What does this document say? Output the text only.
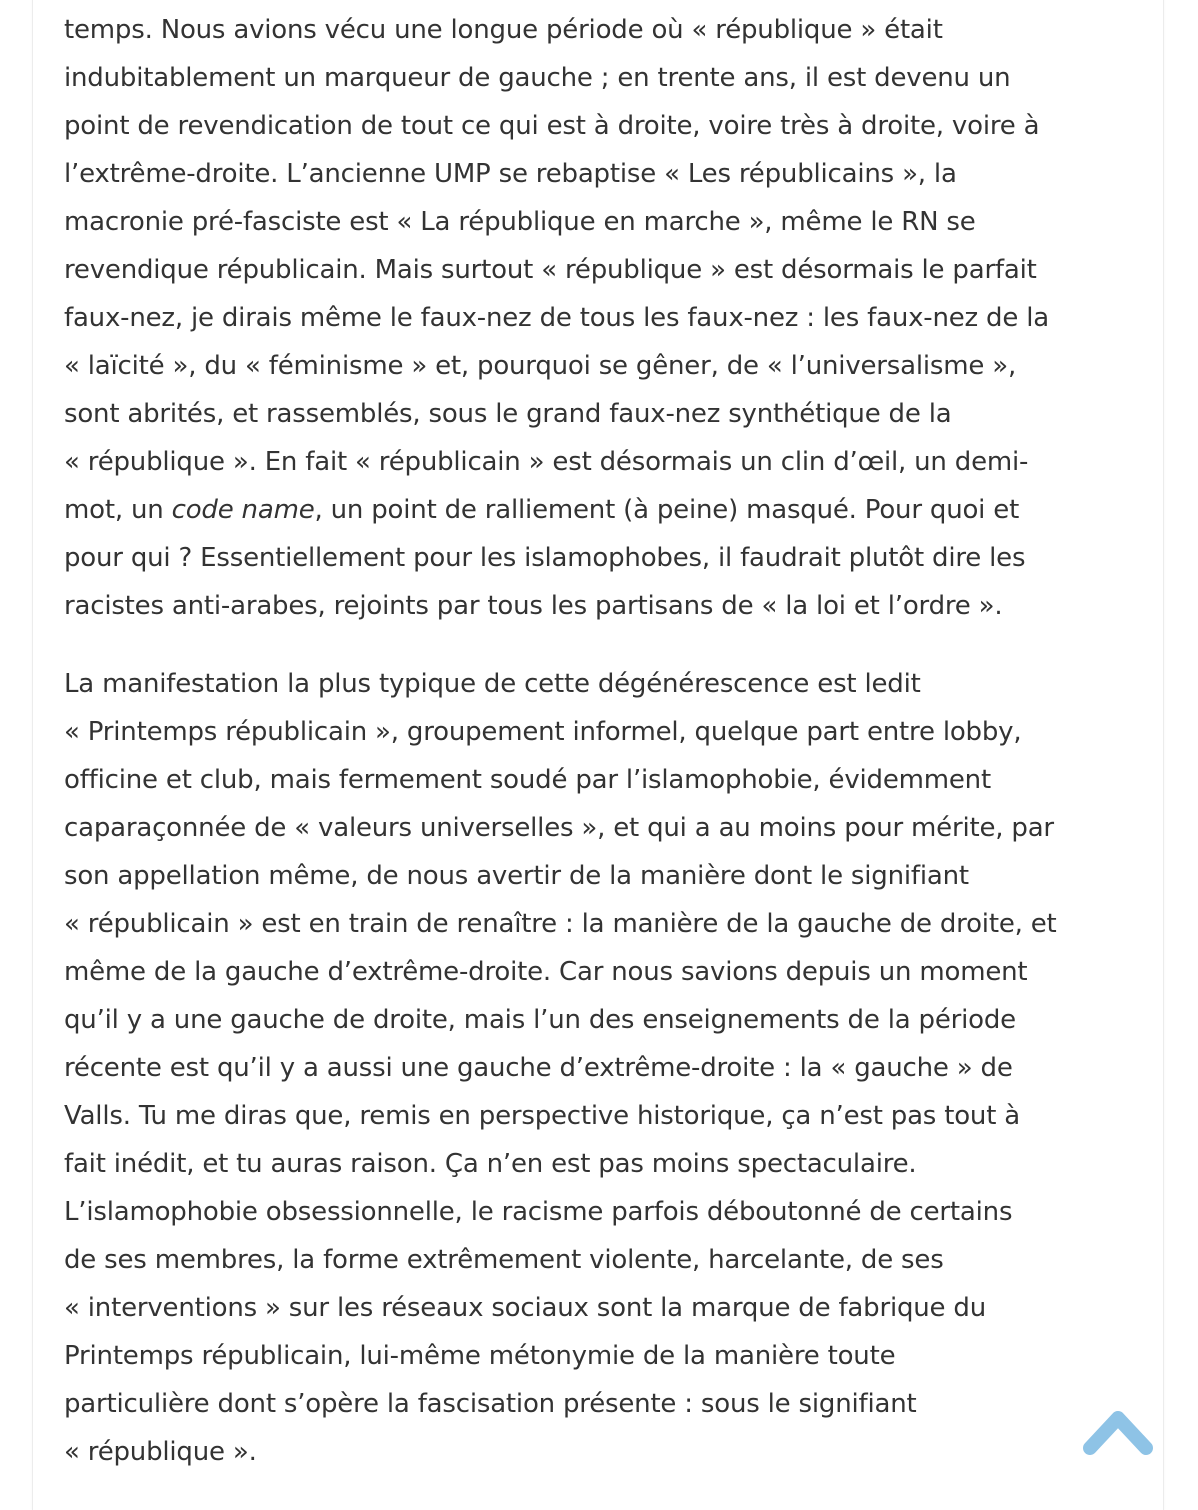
temps. Nous avions vécu une longue période où « république » était
indubitablement un marqueur de gauche ; en trente ans, il est devenu un
point de revendication de tout ce qui est à droite, voire très à droite, voire à
l’extrême-droite. L’ancienne UMP se rebaptise « Les républicains », la
macronie pré-fasciste est « La république en marche », même le RN se
revendique républicain. Mais surtout « république » est désormais le parfait
faux-nez, je dirais même le faux-nez de tous les faux-nez : les faux-nez de la
« laïcité », du « féminisme » et, pourquoi se gêner, de « l’universalisme »,
sont abrités, et rassemblés, sous le grand faux-nez synthétique de la
« république ». En fait « républicain » est désormais un clin d’œil, un demi-
mot, un code name, un point de ralliement (à peine) masqué. Pour quoi et
pour qui ? Essentiellement pour les islamophobes, il faudrait plutôt dire les
racistes anti-arabes, rejoints par tous les partisans de « la loi et l’ordre ».
La manifestation la plus typique de cette dégénérescence est ledit
« Printemps républicain », groupement informel, quelque part entre lobby,
officine et club, mais fermement soudé par l’islamophobie, évidemment
caparaçonnée de « valeurs universelles », et qui a au moins pour mérite, par
son appellation même, de nous avertir de la manière dont le signifiant
« républicain » est en train de renaître : la manière de la gauche de droite, et
même de la gauche d’extrême-droite. Car nous savions depuis un moment
qu’il y a une gauche de droite, mais l’un des enseignements de la période
récente est qu’il y a aussi une gauche d’extrême-droite : la « gauche » de
Valls. Tu me diras que, remis en perspective historique, ça n’est pas tout à
fait inédit, et tu auras raison. Ça n’en est pas moins spectaculaire.
L’islamophobie obsessionnelle, le racisme parfois déboutonné de certains
de ses membres, la forme extrêmement violente, harcelante, de ses
« interventions » sur les réseaux sociaux sont la marque de fabrique du
Printemps républicain, lui-même métonymie de la manière toute
particulière dont s’opère la fascisation présente : sous le signifiant
« république ».
